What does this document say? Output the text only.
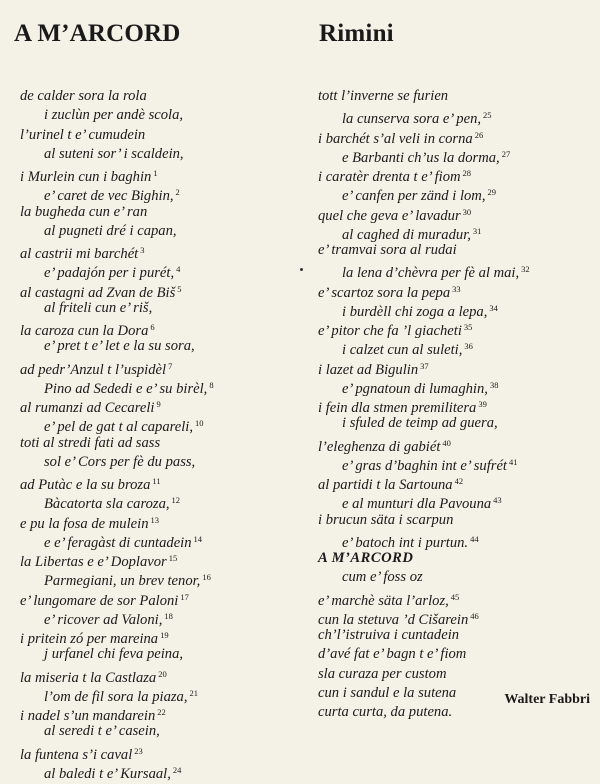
A M’ARCORD	Rimini
de calder sora la rola
i zuclùn per andè scola,
l’urinel t e’ cumudein
al suteni sor’ i scaldein,
i Murlein cun i baghin $^1$
e’ caret de vec Bighin, $^2$
la bugheda cun e’ ran
al pugneti dré i capan,
al castrii mi barchét $^3$
e’ padajón per i purét, $^4$
al castagni ad Zvan de Biš $^5$
al friteli cun e’ riš,
la caroza cun la Dora $^6$
e’ pret t e’ let e la su sora,
ad pedr’Anzul t l’uspidèl $^7$
Pino ad Sededi e e’ su birèl, $^8$
al rumanzi ad Cecareli $^9$
e’ pel de gat t al capareli, $^{10}$
toti al stredi fati ad sass
sol e’ Cors per fè du pass,
ad Putàc e la su broza $^{11}$
Bàcatorta sla caroza, $^{12}$
e pu la fosa de mulein $^{13}$
e e’ feragàst di cuntadein $^{14}$
la Libertas e e’ Doplavor $^{15}$
Parmegiani, un brev tenor, $^{16}$
e’ lungomare de sor Paloni $^{17}$
e’ ricover ad Valoni, $^{18}$
i pritein zó per mareina $^{19}$
j urfanel chi feva peina,
la miseria t la Castlaza $^{20}$
l’om de fil sora la piaza, $^{21}$
i nadel s’un mandarein $^{22}$
al seredi t e’ casein,
la funtena s’i caval $^{23}$
al baledi t e’ Kursaal, $^{24}$
tott l’inverne se furien
la cunserva sora e’ pen, $^{25}$
i barchét s’al veli in corna $^{26}$
e Barbanti ch’us la dorma, $^{27}$
i caratèr drenta t e’ fiom $^{28}$
e’ canfen per zänd i lom, $^{29}$
quel che geva e’ lavadur $^{30}$
al caghed di muradur, $^{31}$
e’ tramvai sora al rudai
la lena d’chèvra per fè al mai, $^{32}$
e’ scartoz sora la pepa $^{33}$
i burdèll chi zoga a lepa, $^{34}$
e’ pitor che fa ’l giacheti $^{35}$
i calzet cun al suleti, $^{36}$
i lazet ad Bigulin $^{37}$
e’ pgnatoun di lumaghin, $^{38}$
i fein dla stmen premilitera $^{39}$
i sfuled de teimp ad guera,
l’eleghenza di gabiét $^{40}$
e’ gras d’baghin int e’ sufrét $^{41}$
al partidi t la Sartouna $^{42}$
e al munturi dla Pavouna $^{43}$
i brucun säta i scarpun
e’ batoch int i purtun. $^{44}$
A M’ARCORD
cum e’ foss oz
e’ marchè säta l’arloz, $^{45}$
cun la stetuva ’d Cišarein $^{46}$
ch’l’istruiva i cuntadein
d’avé fat e’ bagn t e’ fiom
sla curaza per custom
cun i sandul e la sutena
curta curta, da putena.
Walter Fabbri
